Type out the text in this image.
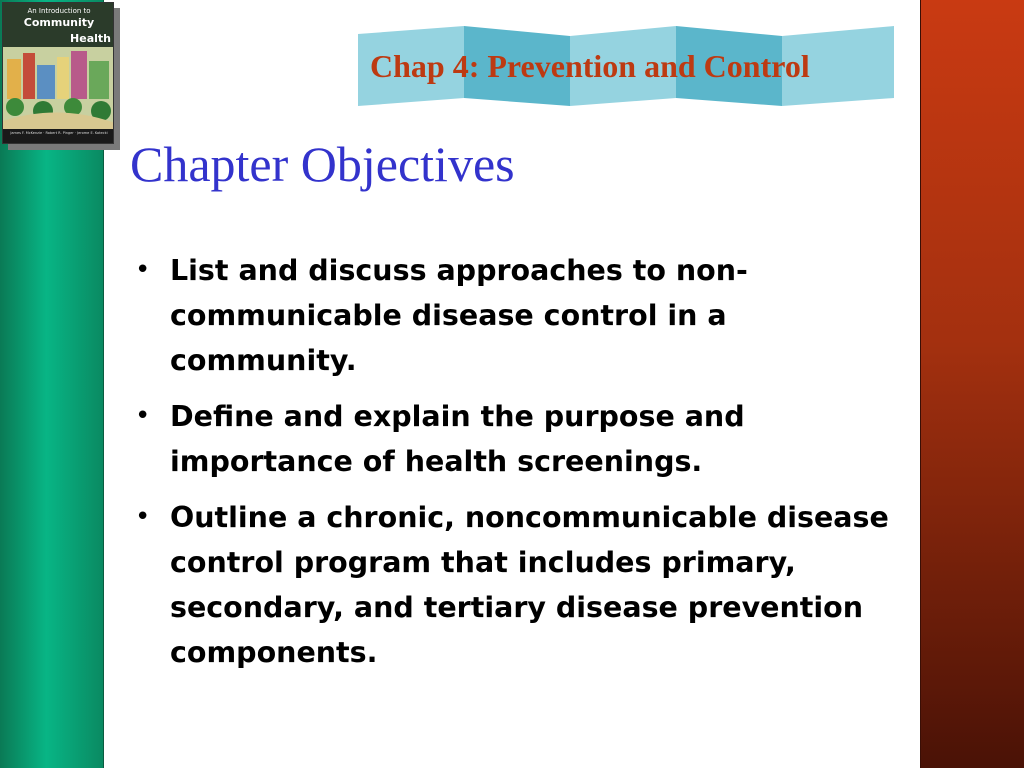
An Introduction to
Community
Health
James F. McKenzie · Robert R. Pinger · Jerome E. Kotecki
Chap 4: Prevention and Control
Chapter Objectives
• List and discuss approaches to non-communicable disease control in a community.
• Define and explain the purpose and importance of health screenings.
• Outline a chronic, noncommunicable disease control program that includes primary, secondary, and tertiary disease prevention components.
